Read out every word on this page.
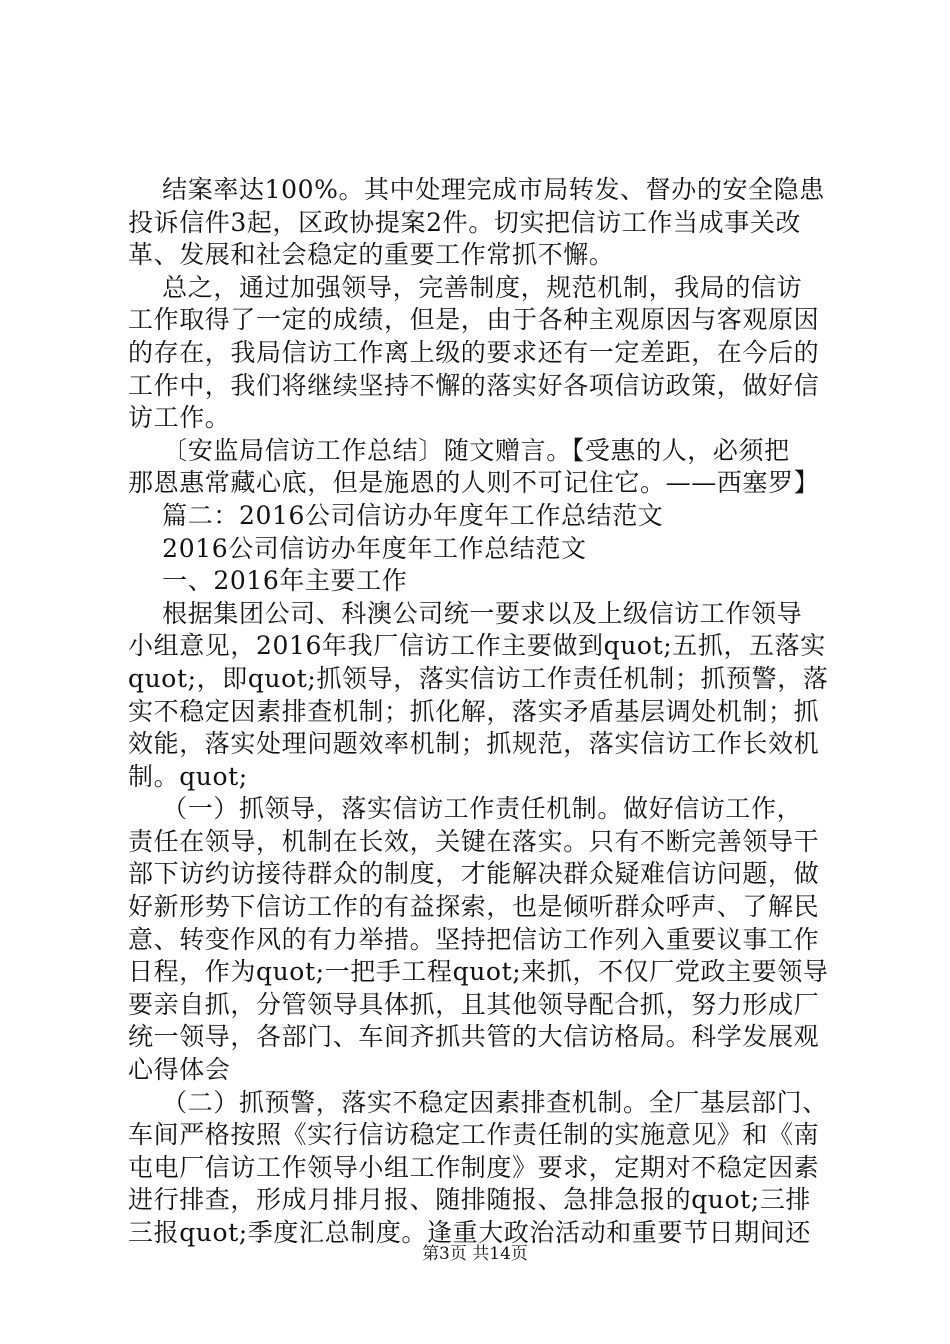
结案率达100%。其中处理完成市局转发、督办的安全隐患
投诉信件3起，区政协提案2件。切实把信访工作当成事关改
革、发展和社会稳定的重要工作常抓不懈。
总之，通过加强领导，完善制度，规范机制，我局的信访
工作取得了一定的成绩，但是，由于各种主观原因与客观原因
的存在，我局信访工作离上级的要求还有一定差距，在今后的
工作中，我们将继续坚持不懈的落实好各项信访政策，做好信
访工作。
〔安监局信访工作总结〕随文赠言。【受惠的人，必须把
那恩惠常藏心底，但是施恩的人则不可记住它。——西塞罗】
篇二：2016公司信访办年度年工作总结范文
2016公司信访办年度年工作总结范文
一、2016年主要工作
根据集团公司、科澳公司统一要求以及上级信访工作领导
小组意见，2016年我厂信访工作主要做到quot;五抓，五落实
quot;，即quot;抓领导，落实信访工作责任机制；抓预警，落
实不稳定因素排查机制；抓化解，落实矛盾基层调处机制；抓
效能，落实处理问题效率机制；抓规范，落实信访工作长效机
制。quot;
（一）抓领导，落实信访工作责任机制。做好信访工作，
责任在领导，机制在长效，关键在落实。只有不断完善领导干
部下访约访接待群众的制度，才能解决群众疑难信访问题，做
好新形势下信访工作的有益探索，也是倾听群众呼声、了解民
意、转变作风的有力举措。坚持把信访工作列入重要议事工作
日程，作为quot;一把手工程quot;来抓，不仅厂党政主要领导
要亲自抓，分管领导具体抓，且其他领导配合抓，努力形成厂
统一领导，各部门、车间齐抓共管的大信访格局。科学发展观
心得体会
（二）抓预警，落实不稳定因素排查机制。全厂基层部门、
车间严格按照《实行信访稳定工作责任制的实施意见》和《南
屯电厂信访工作领导小组工作制度》要求，定期对不稳定因素
进行排查，形成月排月报、随排随报、急排急报的quot;三排
三报quot;季度汇总制度。逢重大政治活动和重要节日期间还
第3页 共14页
